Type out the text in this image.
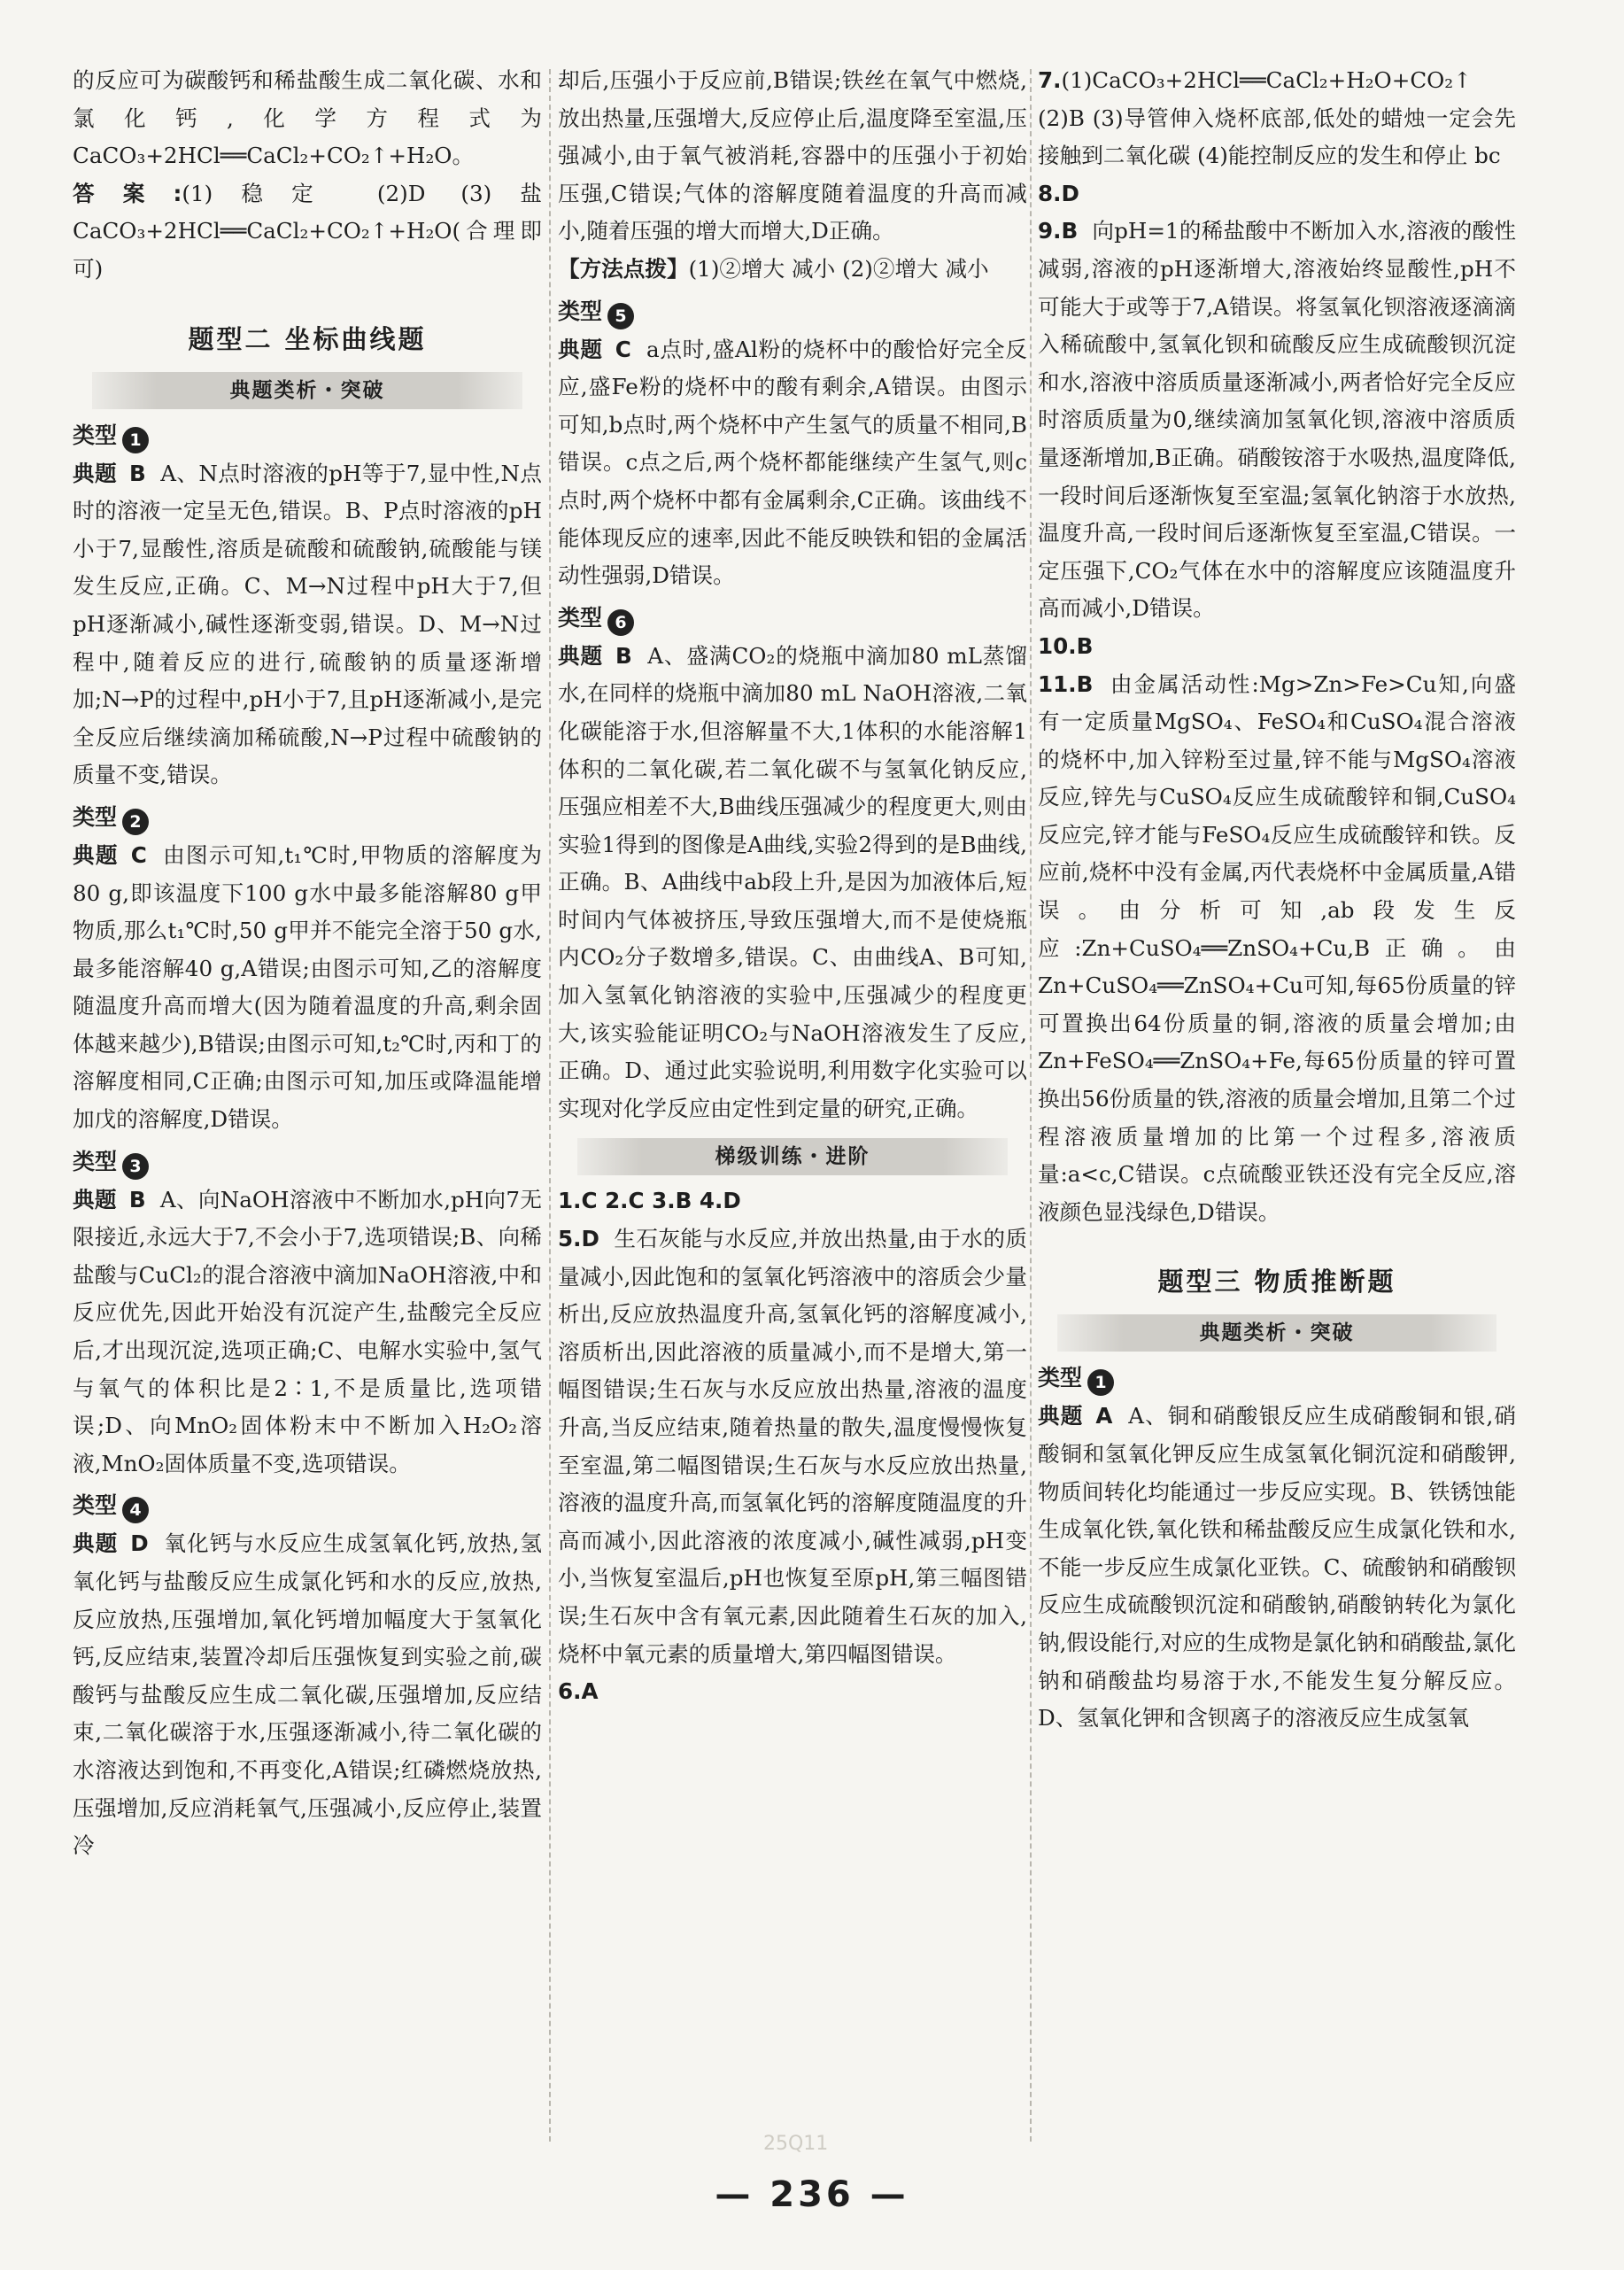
的反应可为碳酸钙和稀盐酸生成二氧化碳、水和氯化钙,化学方程式为CaCO₃+2HCl══CaCl₂+CO₂↑+H₂O。

答案:(1)稳定 (2)D (3)盐 CaCO₃+2HCl══CaCl₂+CO₂↑+H₂O(合理即可)

题型二 坐标曲线题
典题类析・突破
类型 1

典题 B A、N点时溶液的pH等于7,显中性,N点时的溶液一定呈无色,错误。B、P点时溶液的pH小于7,显酸性,溶质是硫酸和硫酸钠,硫酸能与镁发生反应,正确。C、M→N过程中pH大于7,但pH逐渐减小,碱性逐渐变弱,错误。D、M→N过程中,随着反应的进行,硫酸钠的质量逐渐增加;N→P的过程中,pH小于7,且pH逐渐减小,是完全反应后继续滴加稀硫酸,N→P过程中硫酸钠的质量不变,错误。

类型 2

典题 C 由图示可知,t₁℃时,甲物质的溶解度为80 g,即该温度下100 g水中最多能溶解80 g甲物质,那么t₁℃时,50 g甲并不能完全溶于50 g水,最多能溶解40 g,A错误;由图示可知,乙的溶解度随温度升高而增大(因为随着温度的升高,剩余固体越来越少),B错误;由图示可知,t₂℃时,丙和丁的溶解度相同,C正确;由图示可知,加压或降温能增加戊的溶解度,D错误。

类型 3

典题 B A、向NaOH溶液中不断加水,pH向7无限接近,永远大于7,不会小于7,选项错误;B、向稀盐酸与CuCl₂的混合溶液中滴加NaOH溶液,中和反应优先,因此开始没有沉淀产生,盐酸完全反应后,才出现沉淀,选项正确;C、电解水实验中,氢气与氧气的体积比是2∶1,不是质量比,选项错误;D、向MnO₂固体粉末中不断加入H₂O₂溶液,MnO₂固体质量不变,选项错误。

类型 4

典题 D 氧化钙与水反应生成氢氧化钙,放热,氢氧化钙与盐酸反应生成氯化钙和水的反应,放热,反应放热,压强增加,氧化钙增加幅度大于氢氧化钙,反应结束,装置冷却后压强恢复到实验之前,碳酸钙与盐酸反应生成二氧化碳,压强增加,反应结束,二氧化碳溶于水,压强逐渐减小,待二氧化碳的水溶液达到饱和,不再变化,A错误;红磷燃烧放热,压强增加,反应消耗氧气,压强减小,反应停止,装置冷

却后,压强小于反应前,B错误;铁丝在氧气中燃烧,放出热量,压强增大,反应停止后,温度降至室温,压强减小,由于氧气被消耗,容器中的压强小于初始压强,C错误;气体的溶解度随着温度的升高而减小,随着压强的增大而增大,D正确。

【方法点拨】(1)②增大 减小 (2)②增大 减小

类型 5

典题 C a点时,盛Al粉的烧杯中的酸恰好完全反应,盛Fe粉的烧杯中的酸有剩余,A错误。由图示可知,b点时,两个烧杯中产生氢气的质量不相同,B错误。c点之后,两个烧杯都能继续产生氢气,则c点时,两个烧杯中都有金属剩余,C正确。该曲线不能体现反应的速率,因此不能反映铁和铝的金属活动性强弱,D错误。

类型 6

典题 B A、盛满CO₂的烧瓶中滴加80 mL蒸馏水,在同样的烧瓶中滴加80 mL NaOH溶液,二氧化碳能溶于水,但溶解量不大,1体积的水能溶解1体积的二氧化碳,若二氧化碳不与氢氧化钠反应,压强应相差不大,B曲线压强减少的程度更大,则由实验1得到的图像是A曲线,实验2得到的是B曲线,正确。B、A曲线中ab段上升,是因为加液体后,短时间内气体被挤压,导致压强增大,而不是使烧瓶内CO₂分子数增多,错误。C、由曲线A、B可知,加入氢氧化钠溶液的实验中,压强减少的程度更大,该实验能证明CO₂与NaOH溶液发生了反应,正确。D、通过此实验说明,利用数字化实验可以实现对化学反应由定性到定量的研究,正确。

梯级训练・进阶

1.C 2.C 3.B 4.D

5.D 生石灰能与水反应,并放出热量,由于水的质量减小,因此饱和的氢氧化钙溶液中的溶质会少量析出,反应放热温度升高,氢氧化钙的溶解度减小,溶质析出,因此溶液的质量减小,而不是增大,第一幅图错误;生石灰与水反应放出热量,溶液的温度升高,当反应结束,随着热量的散失,温度慢慢恢复至室温,第二幅图错误;生石灰与水反应放出热量,溶液的温度升高,而氢氧化钙的溶解度随温度的升高而减小,因此溶液的浓度减小,碱性减弱,pH变小,当恢复室温后,pH也恢复至原pH,第三幅图错误;生石灰中含有氧元素,因此随着生石灰的加入,烧杯中氧元素的质量增大,第四幅图错误。

6.A

7.(1)CaCO₃+2HCl══CaCl₂+H₂O+CO₂↑

(2)B (3)导管伸入烧杯底部,低处的蜡烛一定会先接触到二氧化碳 (4)能控制反应的发生和停止 bc

8.D

9.B 向pH=1的稀盐酸中不断加入水,溶液的酸性减弱,溶液的pH逐渐增大,溶液始终显酸性,pH不可能大于或等于7,A错误。将氢氧化钡溶液逐滴滴入稀硫酸中,氢氧化钡和硫酸反应生成硫酸钡沉淀和水,溶液中溶质质量逐渐减小,两者恰好完全反应时溶质质量为0,继续滴加氢氧化钡,溶液中溶质质量逐渐增加,B正确。硝酸铵溶于水吸热,温度降低,一段时间后逐渐恢复至室温;氢氧化钠溶于水放热,温度升高,一段时间后逐渐恢复至室温,C错误。一定压强下,CO₂气体在水中的溶解度应该随温度升高而减小,D错误。

10.B

11.B 由金属活动性:Mg>Zn>Fe>Cu知,向盛有一定质量MgSO₄、FeSO₄和CuSO₄混合溶液的烧杯中,加入锌粉至过量,锌不能与MgSO₄溶液反应,锌先与CuSO₄反应生成硫酸锌和铜,CuSO₄反应完,锌才能与FeSO₄反应生成硫酸锌和铁。反应前,烧杯中没有金属,丙代表烧杯中金属质量,A错误。由分析可知,ab段发生反应:Zn+CuSO₄══ZnSO₄+Cu,B正确。由Zn+CuSO₄══ZnSO₄+Cu可知,每65份质量的锌可置换出64份质量的铜,溶液的质量会增加;由Zn+FeSO₄══ZnSO₄+Fe,每65份质量的锌可置换出56份质量的铁,溶液的质量会增加,且第二个过程溶液质量增加的比第一个过程多,溶液质量:a<c,C错误。c点硫酸亚铁还没有完全反应,溶液颜色显浅绿色,D错误。

题型三 物质推断题
典题类析・突破
类型 1

典题 A A、铜和硝酸银反应生成硝酸铜和银,硝酸铜和氢氧化钾反应生成氢氧化铜沉淀和硝酸钾,物质间转化均能通过一步反应实现。B、铁锈蚀能生成氧化铁,氧化铁和稀盐酸反应生成氯化铁和水,不能一步反应生成氯化亚铁。C、硫酸钠和硝酸钡反应生成硫酸钡沉淀和硝酸钠,硝酸钠转化为氯化钠,假设能行,对应的生成物是氯化钠和硝酸盐,氯化钠和硝酸盐均易溶于水,不能发生复分解反应。D、氢氧化钾和含钡离子的溶液反应生成氢氧

25Q11
— 236 —
